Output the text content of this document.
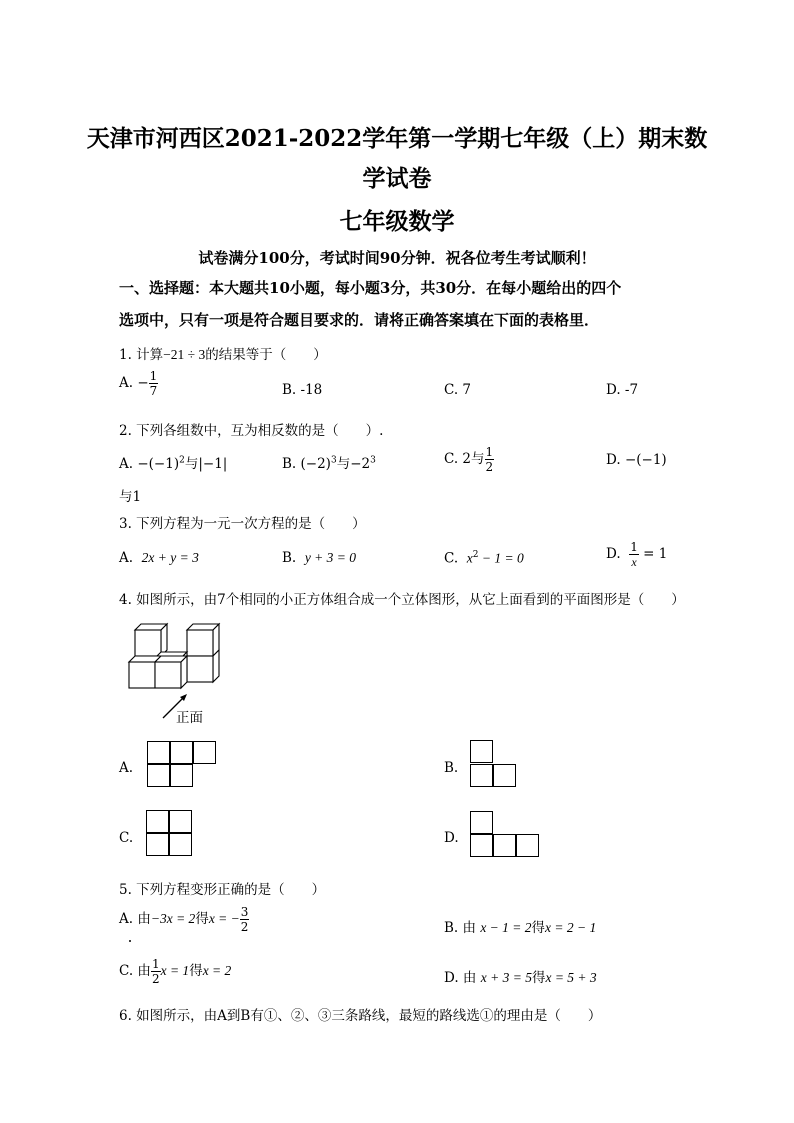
天津市河西区2021-2022学年第一学期七年级（上）期末数
学试卷
七年级数学
试卷满分100分，考试时间90分钟．祝各位考生考试顺利！
一、选择题：本大题共10小题，每小题3分，共30分．在每小题给出的四个
选项中，只有一项是符合题目要求的．请将正确答案填在下面的表格里．
1. 计算−21 ÷ 3的结果等于（　　）
A. − $\frac{1}{7}$	B. -18	C. 7	D. -7
2. 下列各组数中，互为相反数的是（　　）.
A. $-(-1)^2$与|−1|	B. $(-2)^3$与$-2^3$	C. 2与 $\frac{1}{2}$	D. −(−1)
与1
3. 下列方程为一元一次方程的是（　　）
A. 2x + y = 3	B. y + 3 = 0	C. $x^2 - 1 = 0$	D. $\frac{1}{x} = 1$
4. 如图所示，由7个相同的小正方体组合成一个立体图形，从它上面看到的平面图形是（　　）
正面
A.	B.
C.	D.
5. 下列方程变形正确的是（　　）
A. 由−3x = 2得x = − $\frac{3}{2}$	B. 由 x − 1 = 2得x = 2 − 1
C. 由 $\frac{1}{2}$ x = 1得x = 2	D. 由 x + 3 = 5得x = 5 + 3
6. 如图所示，由A到B有①、②、③三条路线，最短的路线选①的理由是（　　）
